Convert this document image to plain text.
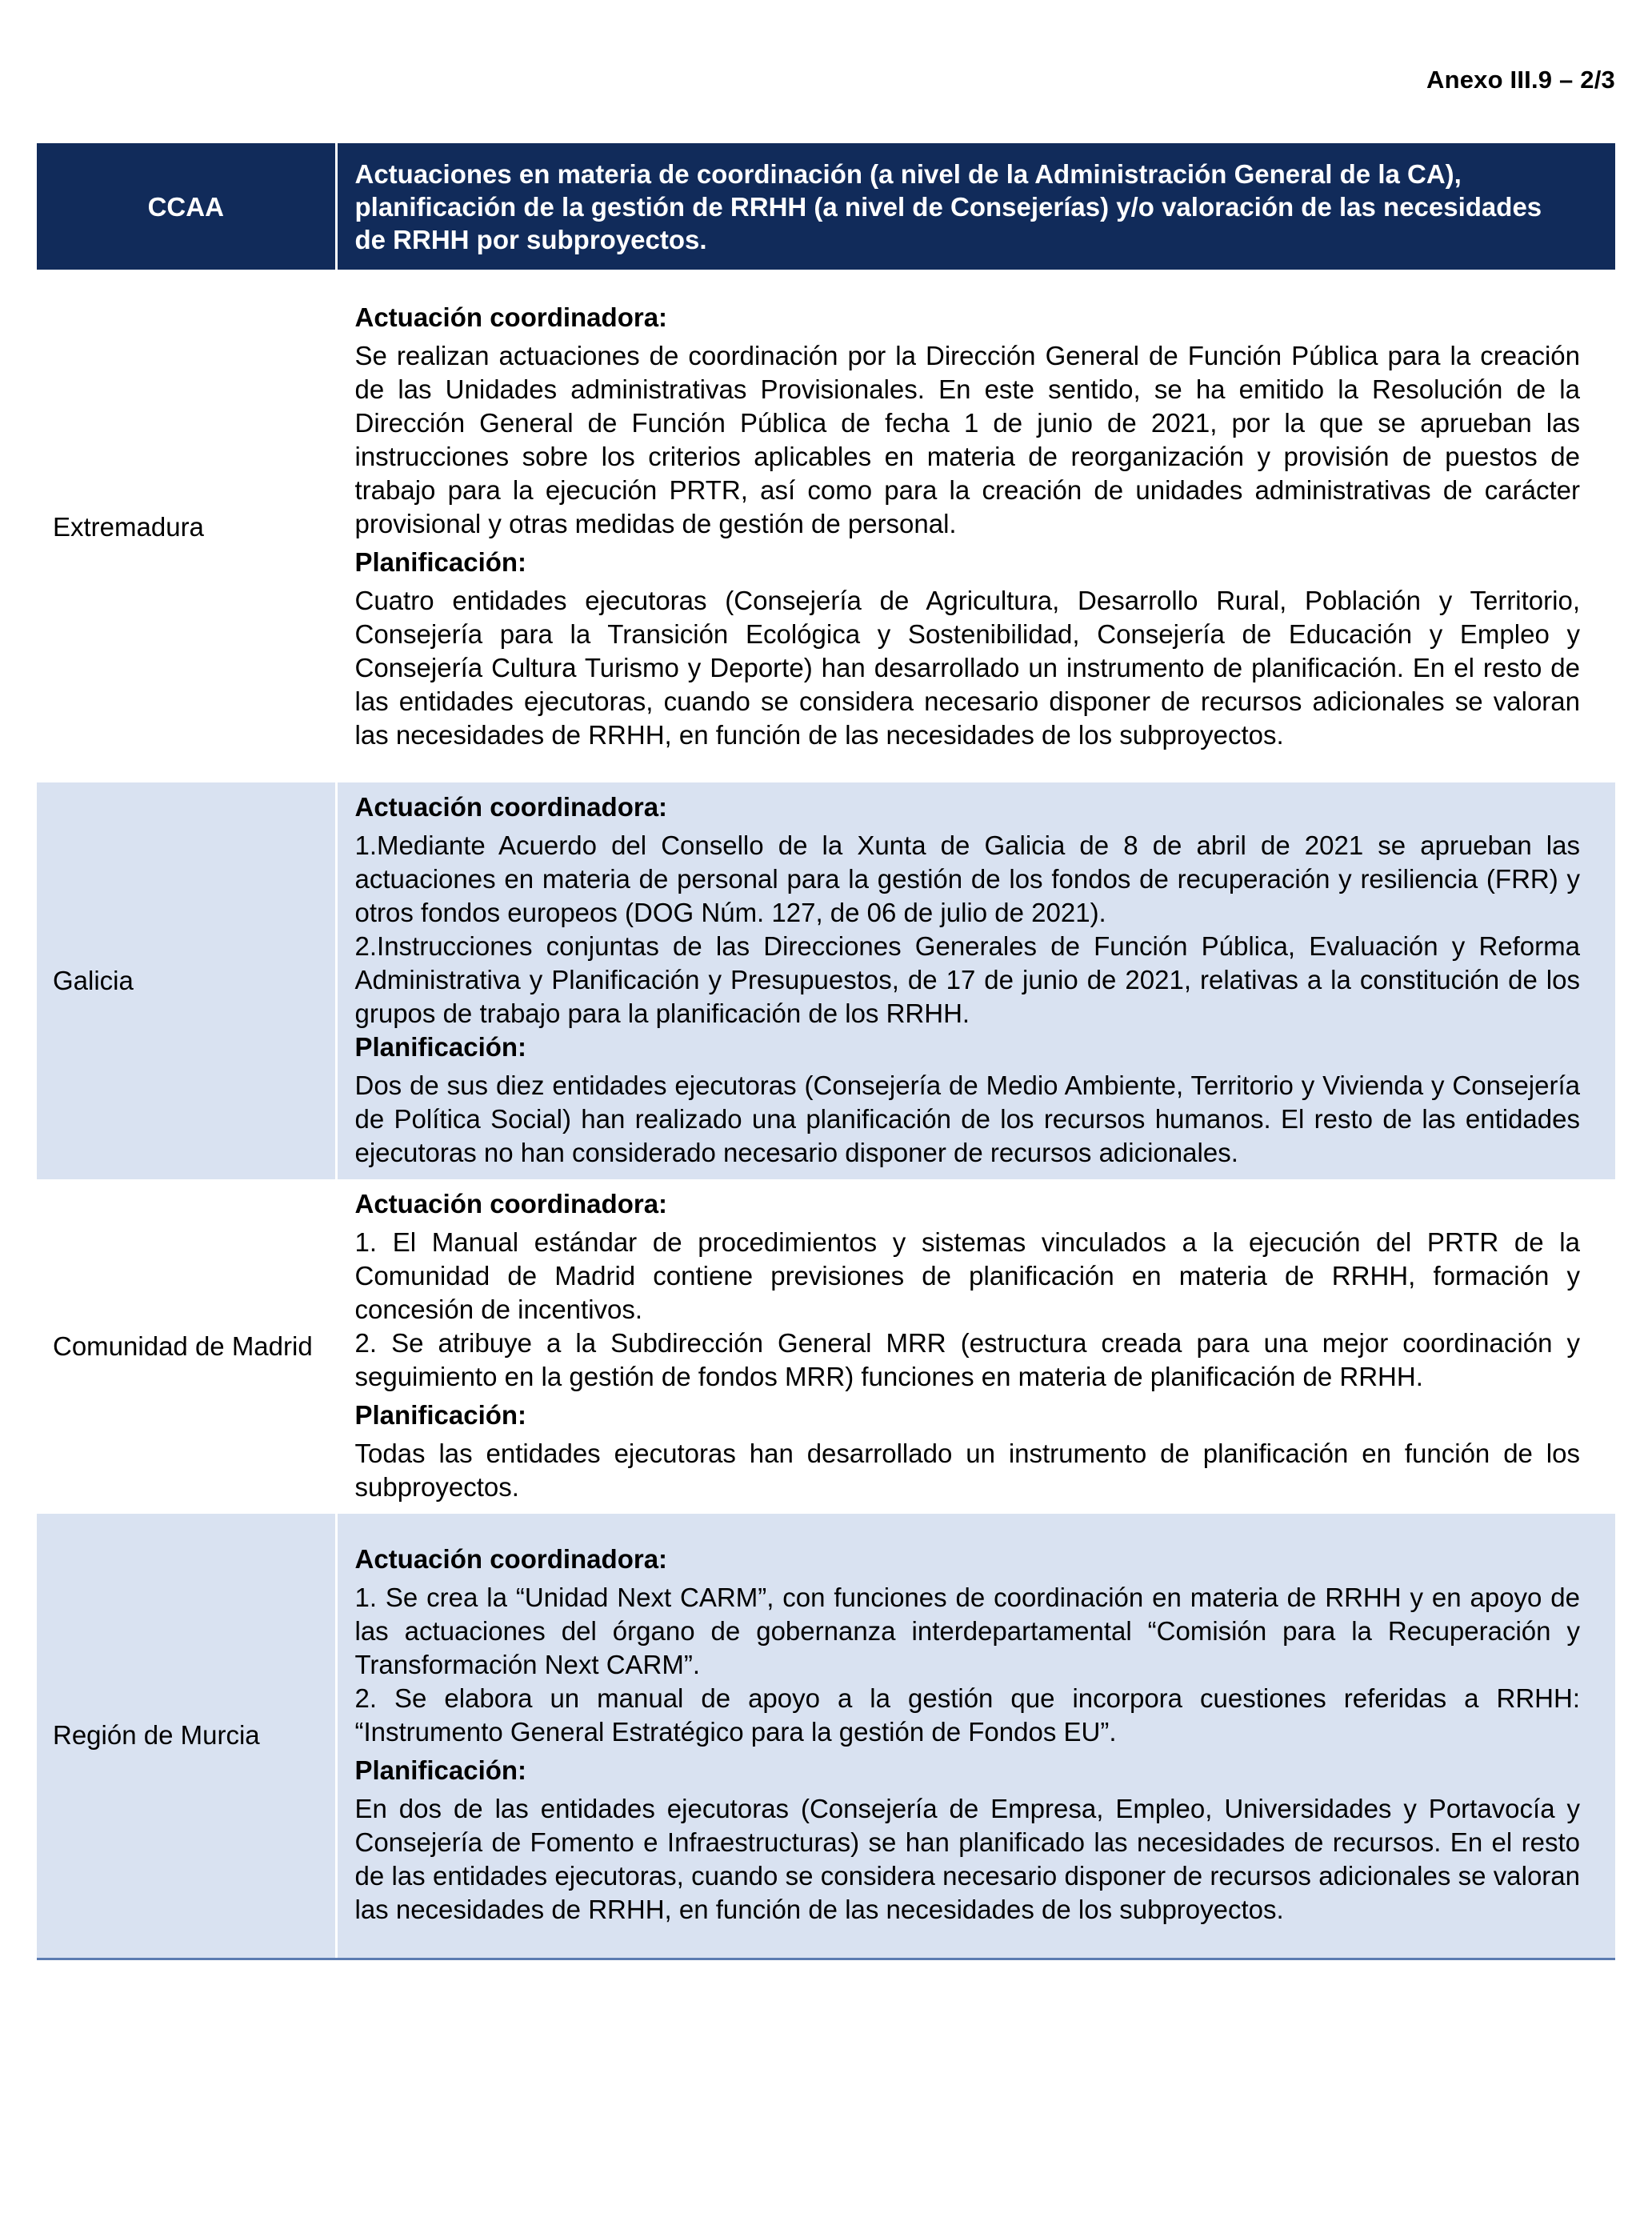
Anexo III.9 – 2/3
CCAA	Actuaciones en materia de coordinación (a nivel de la Administración General de la CA), planificación de la gestión de RRHH (a nivel de Consejerías) y/o valoración de las necesidades de RRHH por subproyectos.
Extremadura	Actuación coordinadora:

Se realizan actuaciones de coordinación por la Dirección General de Función Pública para la creación de las Unidades administrativas Provisionales. En este sentido, se ha emitido la Resolución de la Dirección General de Función Pública de fecha 1 de junio de 2021, por la que se aprueban las instrucciones sobre los criterios aplicables en materia de reorganización y provisión de puestos de trabajo para la ejecución PRTR, así como para la creación de unidades administrativas de carácter provisional y otras medidas de gestión de personal.

Planificación:

Cuatro entidades ejecutoras (Consejería de Agricultura, Desarrollo Rural, Población y Territorio, Consejería para la Transición Ecológica y Sostenibilidad, Consejería de Educación y Empleo y Consejería Cultura Turismo y Deporte) han desarrollado un instrumento de planificación. En el resto de las entidades ejecutoras, cuando se considera necesario disponer de recursos adicionales se valoran las necesidades de RRHH, en función de las necesidades de los subproyectos.

Galicia	Actuación coordinadora:

1.Mediante Acuerdo del Consello de la Xunta de Galicia de 8 de abril de 2021 se aprueban las actuaciones en materia de personal para la gestión de los fondos de recuperación y resiliencia (FRR) y otros fondos europeos (DOG Núm. 127, de 06 de julio de 2021).

2.Instrucciones conjuntas de las Direcciones Generales de Función Pública, Evaluación y Reforma Administrativa y Planificación y Presupuestos, de 17 de junio de 2021, relativas a la constitución de los grupos de trabajo para la planificación de los RRHH.

Planificación:

Dos de sus diez entidades ejecutoras (Consejería de Medio Ambiente, Territorio y Vivienda y Consejería de Política Social) han realizado una planificación de los recursos humanos. El resto de las entidades ejecutoras no han considerado necesario disponer de recursos adicionales.

Comunidad de Madrid	Actuación coordinadora:

1. El Manual estándar de procedimientos y sistemas vinculados a la ejecución del PRTR de la Comunidad de Madrid contiene previsiones de planificación en materia de RRHH, formación y concesión de incentivos.

2. Se atribuye a la Subdirección General MRR (estructura creada para una mejor coordinación y seguimiento en la gestión de fondos MRR) funciones en materia de planificación de RRHH.

Planificación:

Todas las entidades ejecutoras han desarrollado un instrumento de planificación en función de los subproyectos.

Región de Murcia	Actuación coordinadora:

1. Se crea la “Unidad Next CARM”, con funciones de coordinación en materia de RRHH y en apoyo de las actuaciones del órgano de gobernanza interdepartamental “Comisión para la Recuperación y Transformación Next CARM”.

2. Se elabora un manual de apoyo a la gestión que incorpora cuestiones referidas a RRHH: “Instrumento General Estratégico para la gestión de Fondos EU”.

Planificación:

En dos de las entidades ejecutoras (Consejería de Empresa, Empleo, Universidades y Portavocía y Consejería de Fomento e Infraestructuras) se han planificado las necesidades de recursos. En el resto de las entidades ejecutoras, cuando se considera necesario disponer de recursos adicionales se valoran las necesidades de RRHH, en función de las necesidades de los subproyectos.
